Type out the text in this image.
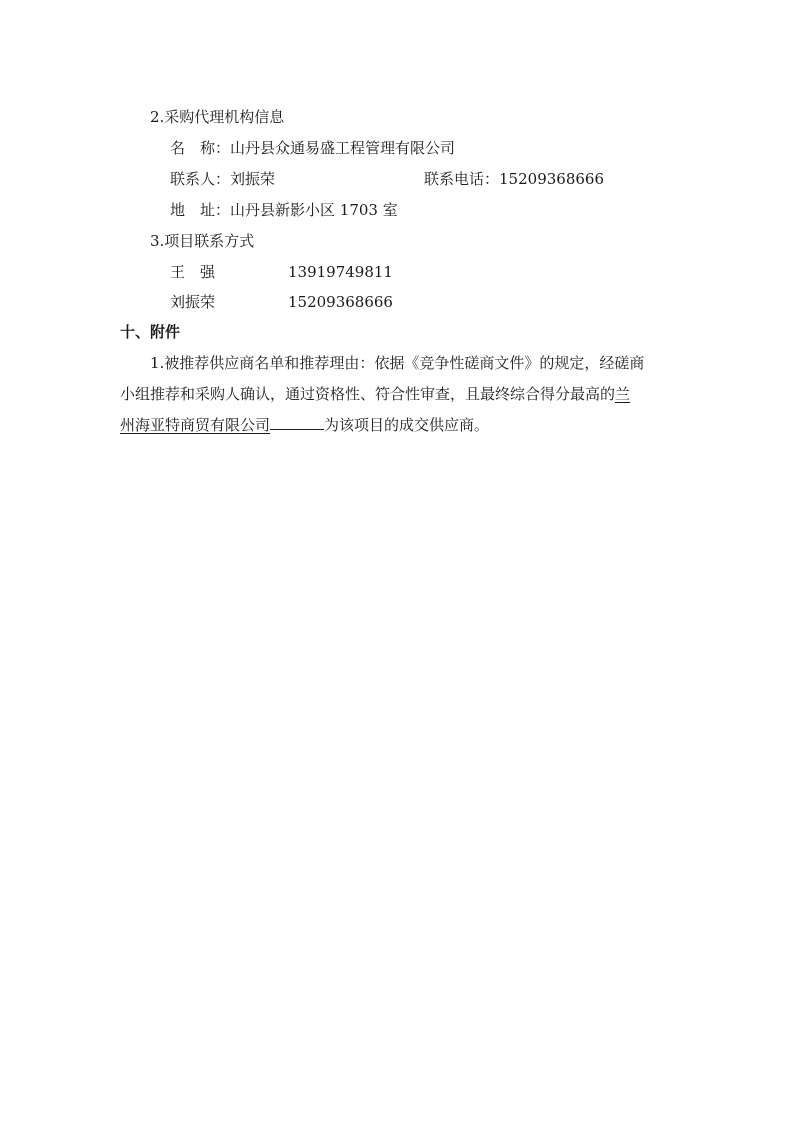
2.采购代理机构信息
名　称：山丹县众通易盛工程管理有限公司
联系人：刘振荣	联系电话：15209368666
地　址：山丹县新影小区 1703 室
3.项目联系方式
王　强	13919749811
刘振荣	15209368666
十、附件
1.被推荐供应商名单和推荐理由：依据《竞争性磋商文件》的规定，经磋商
小组推荐和采购人确认，通过资格性、符合性审查，且最终综合得分最高的兰
州海亚特商贸有限公司	为该项目的成交供应商。
